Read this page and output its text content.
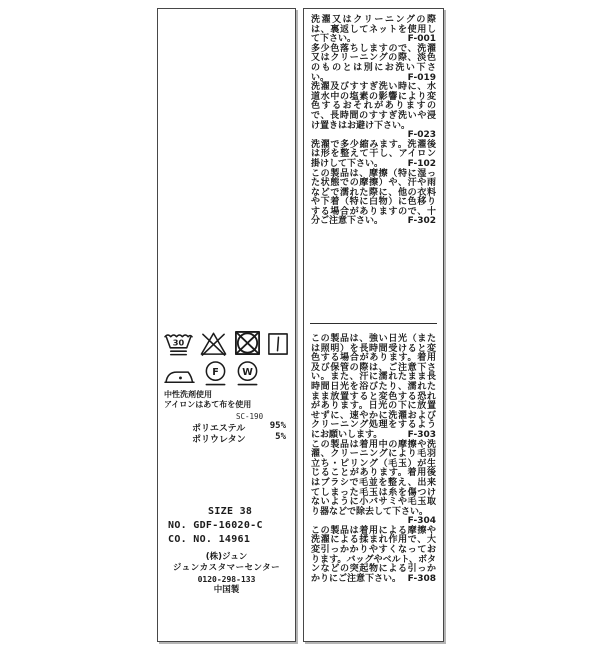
30
F W
中性洗剤使用
アイロンはあて布を使用
SC-190
ポリエステル	95%
ポリウレタン	5%
SIZE 38
NO. GDF-16020-C
CO. NO. 14961
(株)ジュン
ジュンカスタマーセンター
0120-298-133
中国製

洗濯又はクリーニングの際は、裏返してネットを使用して下さい。	F-001

多少色落ちしますので、洗濯又はクリーニングの際、淡色のものとは別にお洗い下さい。	F-019

洗濯及びすすぎ洗い時に、水道水中の塩素の影響により変色するおそれがありますので、長時間のすすぎ洗いや浸け置きはお避け下さい。
F-023

洗濯で多少縮みます。洗濯後は形を整えて干し、アイロン掛けして下さい。	F-102

この製品は、摩擦（特に湿った状態での摩擦）や、汗や雨などで濡れた際に、他の衣料や下着（特に白物）に色移りする場合がありますので、十分ご注意下さい。	F-302

この製品は、強い日光（または照明）を長時間受けると変色する場合があります。着用及び保管の際は、ご注意下さい。また、汗に濡れたまま長時間日光を浴びたり、濡れたまま放置すると変色する恐れがあります。日光の下に放置せずに、速やかに洗濯およびクリーニング処理をするようにお願いします。	F-303

この製品は着用中の摩擦や洗濯、クリーニングにより毛羽立ち・ピリング（毛玉）が生じることがあります。着用後はブラシで毛並を整え、出来てしまった毛玉は糸を傷つけないように小バサミや毛玉取り器などで除去して下さい。
F-304

この製品は着用による摩擦や洗濯による揉まれ作用で、大変引っかかりやすくなっております。バッグやベルト、ボタンなどの突起物による引っかかりにご注意下さい。 F-308
